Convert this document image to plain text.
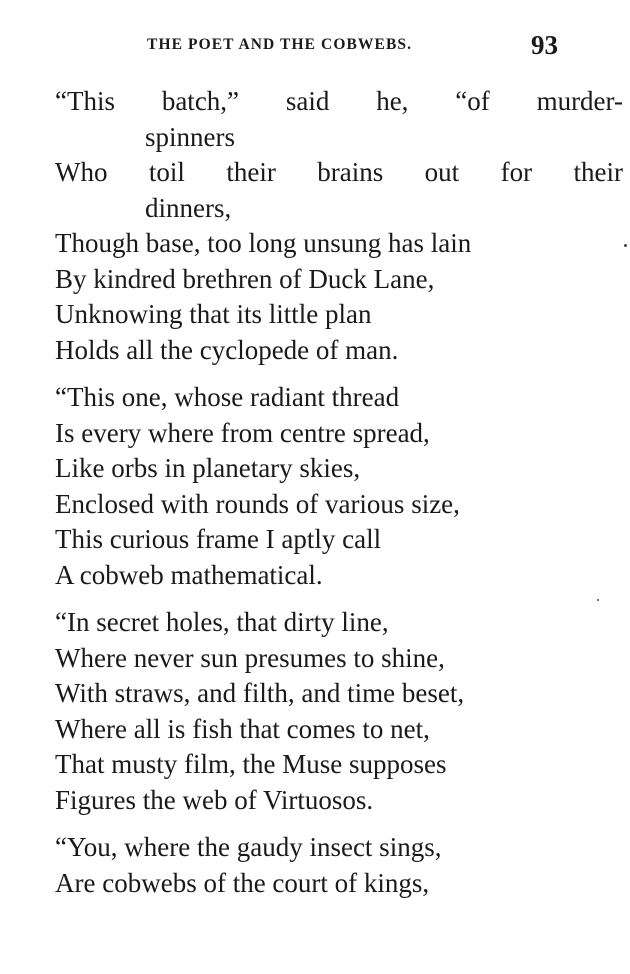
THE POET AND THE COBWEBS.	93
“This batch,” said he, “of murder-
spinners
Who toil their brains out for their
dinners,
Though base, too long unsung has lain
By kindred brethren of Duck Lane,
Unknowing that its little plan
Holds all the cyclopede of man.
“This one, whose radiant thread
Is every where from centre spread,
Like orbs in planetary skies,
Enclosed with rounds of various size,
This curious frame I aptly call
A cobweb mathematical.
“In secret holes, that dirty line,
Where never sun presumes to shine,
With straws, and filth, and time beset,
Where all is fish that comes to net,
That musty film, the Muse supposes
Figures the web of Virtuosos.
“You, where the gaudy insect sings,
Are cobwebs of the court of kings,
